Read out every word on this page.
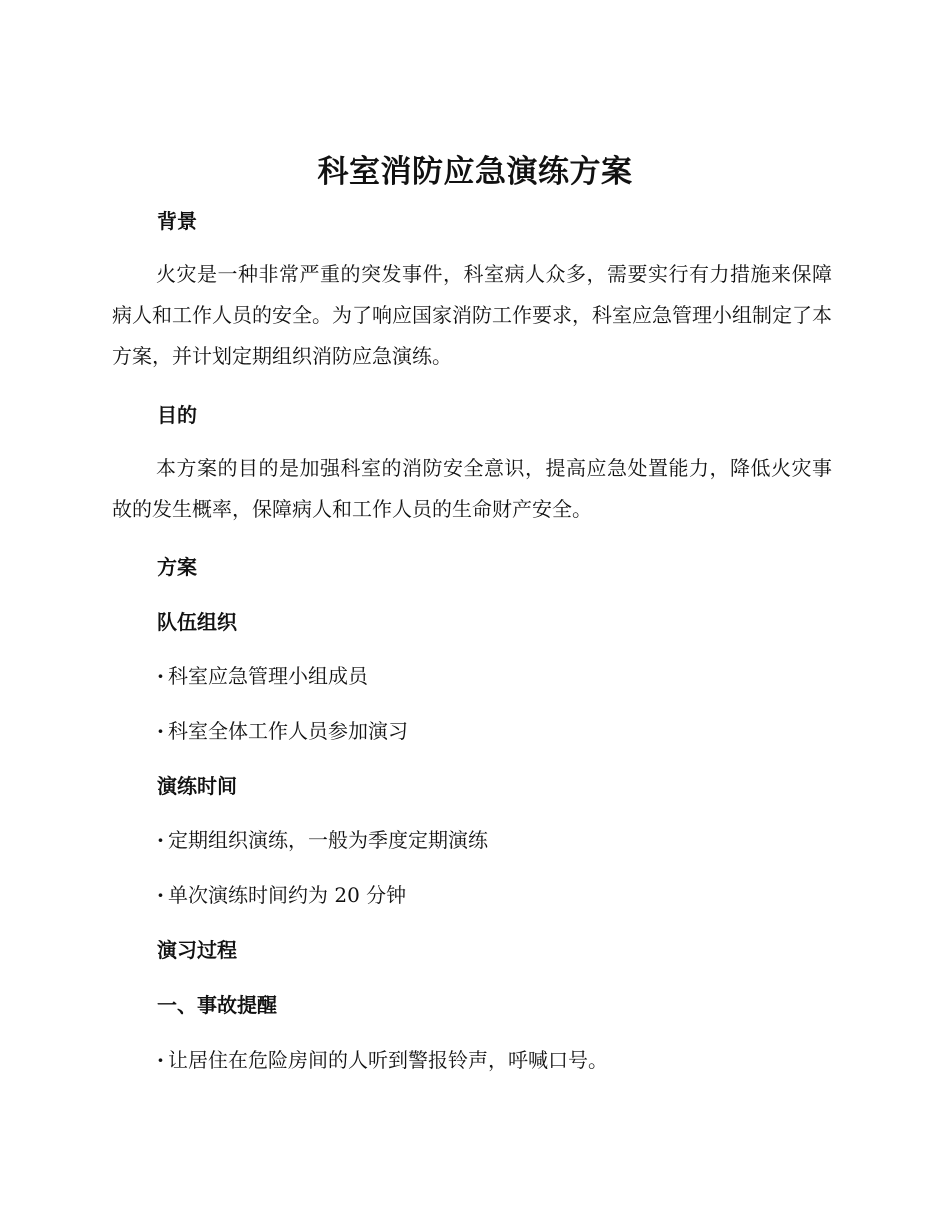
科室消防应急演练方案
背景

火灾是一种非常严重的突发事件，科室病人众多，需要实行有力措施来保障病人和工作人员的安全。为了响应国家消防工作要求，科室应急管理小组制定了本方案，并计划定期组织消防应急演练。

目的

本方案的目的是加强科室的消防安全意识，提高应急处置能力，降低火灾事故的发生概率，保障病人和工作人员的生命财产安全。

方案
队伍组织
· 科室应急管理小组成员
· 科室全体工作人员参加演习
演练时间
· 定期组织演练，一般为季度定期演练
· 单次演练时间约为 20 分钟
演习过程
一、事故提醒
· 让居住在危险房间的人听到警报铃声，呼喊口号。
